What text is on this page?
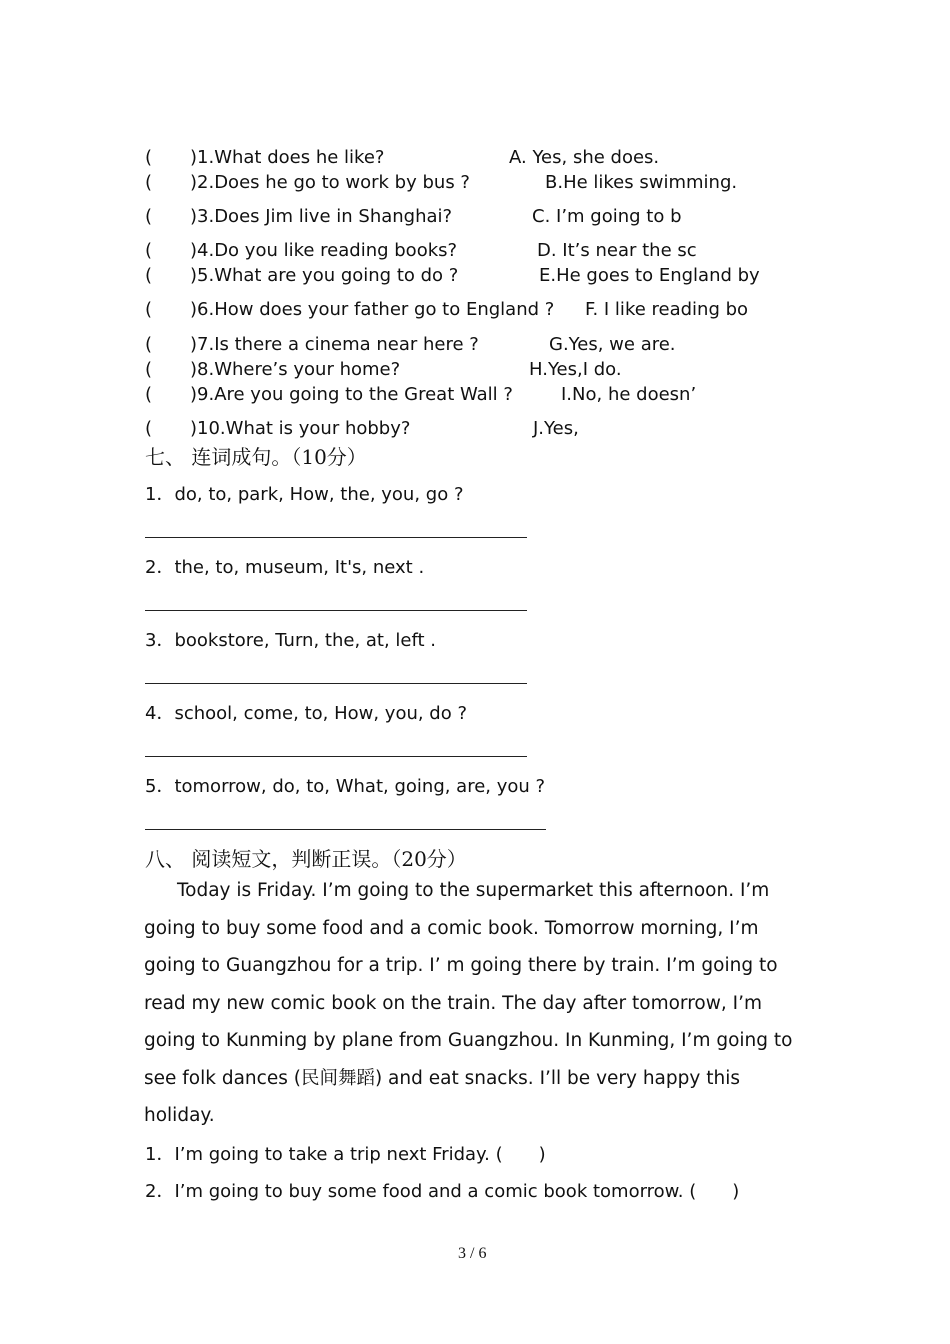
( )1.What does he like?	A. Yes, she does.
( )2.Does he go to work by bus ?	B.He likes swimming.
( )3.Does Jim live in Shanghai?	C. I’m going to b
( )4.Do you like reading books?	D. It’s near the sc
( )5.What are you going to do ?	E.He goes to England by
( )6.How does your father go to England ? F. I like reading bo
( )7.Is there a cinema near here ?	G.Yes, we are.
( )8.Where’s your home?	H.Yes,I do.
( )9.Are you going to the Great Wall ?	I.No, he doesn’
( )10.What is your hobby?	J.Yes,
七、 连词成句。（10分）
1．do, to, park, How, the, you, go ?
2．the, to, museum, It's, next .
3．bookstore, Turn, the, at, left .
4．school, come, to, How, you, do ?
5．tomorrow, do, to, What, going, are, you ?
八、 阅读短文，判断正误。（20分）
Today is Friday. I’m going to the supermarket this afternoon. I’m going to buy some food and a comic book. Tomorrow morning, I’m going to Guangzhou for a trip. I’ m going there by train. I’m going to read my new comic book on the train. The day after tomorrow, I’m going to Kunming by plane from Guangzhou. In Kunming, I’m going to see folk dances (民间舞蹈) and eat snacks. I’ll be very happy this holiday.
1．I’m going to take a trip next Friday. (　　)
2．I’m going to buy some food and a comic book tomorrow. (　　)
3 / 6
